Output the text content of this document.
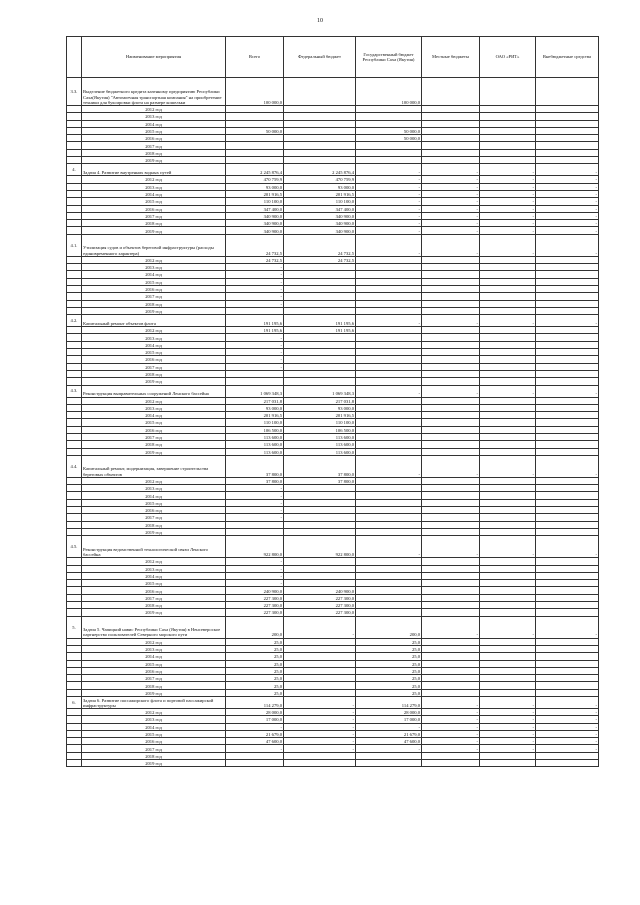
10
	Наименование мероприятия	Всего	Федеральный бюджет	Государственный бюджет Республики Саха (Якутия)	Местные бюджеты	ОАО «РИТ»	Внебюджетные средства
3.3.	Выделение бюджетного кредита казенному предприятию Республики Саха(Якутия) "Автомоечная транспортная компания" на приобретение техники для буксировки флота на размере кошельки	100 000,0		100 000,0			
	2012 год						
	2013 год						
	2014 год						
	2015 год	50 000,0		50 000,0			
	2016 год			50 000,0			
	2017 год						
	2018 год						
	2019 год						
4.	Задача 4. Развитие внутренних водных путей	2 245 876,4	2 245 876,4	-	-	-	-
	2012 год	470 759,9	470 759,9	-	-	-	-
	2013 год	93 000,0	93 000,0	-	-	-	-
	2014 год	201 916,5	201 916,5	-	-	-	-
	2015 год	110 100,0	110 100,0	-	-	-	-
	2016 год	347 400,0	347 400,0	-	-	-	-
	2017 год	340 900,0	340 900,0	-	-	-	-
	2018 год	340 900,0	340 900,0	-	-	-	-
	2019 год	340 900,0	340 900,0	-	-	-	-
4.1.	Утилизация судов и объектов береговой инфраструктуры (расходы единовременного характера)	24 732,5	24 732,5	-	-	-	-
	2012 год	24 732,5	24 732,5				
	2013 год	-					
	2014 год	-					
	2015 год	-					
	2016 год	-					
	2017 год	-					
	2018 год	-					
	2019 год						
4.2.	Капитальный ремонт объектов флота	191 195,6	191 195,6	-	-	-	-
	2012 год	191 195,6	191 195,6				
	2013 год	-					
	2014 год	-					
	2015 год	-					
	2016 год	-					
	2017 год	-					
	2018 год						
	2019 год						
4.3.	Реконструкция выправительных сооружений Ленского бассейна	1 069 348,3	1 069 348,3	-	-	-	-
	2012 год	217 031,8	217 031,8				
	2013 год	93 000,0	93 000,0				
	2014 год	201 916,5	201 916,5				
	2015 год	110 100,0	110 100,0				
	2016 год	106 500,0	106 500,0				
	2017 год	113 600,0	113 600,0				
	2018 год	113 600,0	113 600,0				
	2019 год	113 600,0	113 600,0				
4.4.	Капитальный ремонт, модернизация, завершение строительства береговых объектов	37 800,0	37 800,0	-	-	-	-
	2012 год	37 800,0	37 800,0				
	2013 год	-					
	2014 год	-					
	2015 год	-					
	2016 год	-					
	2017 год	-					
	2018 год						
	2019 год						
4.5.	Реконструкция ведомственной технологической связи Ленского бассейна	922 800,0	922 800,0	-	-	-	-
	2012 год	-					
	2013 год	-					
	2014 год	-					
	2015 год	-					
	2016 год	240 900,0	240 900,0				
	2017 год	227 300,0	227 300,0				
	2018 год	227 300,0	227 300,0				
	2019 год	227 300,0	227 300,0				
5.	Задача 5. Чапицкий навис Республики Саха (Якутия) в Ненсевероское партнерство пользователей Северного морского пути	200,0	-	200,0	-	-	-
	2012 год	25,0		25,0			
	2013 год	25,0		25,0			
	2014 год	25,0		25,0			
	2015 год	25,0		25,0			
	2016 год	25,0		25,0			
	2017 год	25,0		25,0			
	2018 год	25,0		25,0			
	2019 год	25,0		25,0			
6.	Задача 6. Развитие пассажирского флота и портовой пассажирской инфраструктуры	114 279,0	-	114 279,0	-	-	-
	2012 год	28 000,0	-	28 000,0	-	-	-
	2013 год	17 000,0	-	17 000,0	-	-	-
	2014 год	-	-	-	-	-	-
	2015 год	21 679,0	-	21 679,0	-	-	-
	2016 год	47 600,0	-	47 600,0	-	-	-
	2017 год	-	-	-	-	-	-
	2018 год						
	2019 год						
